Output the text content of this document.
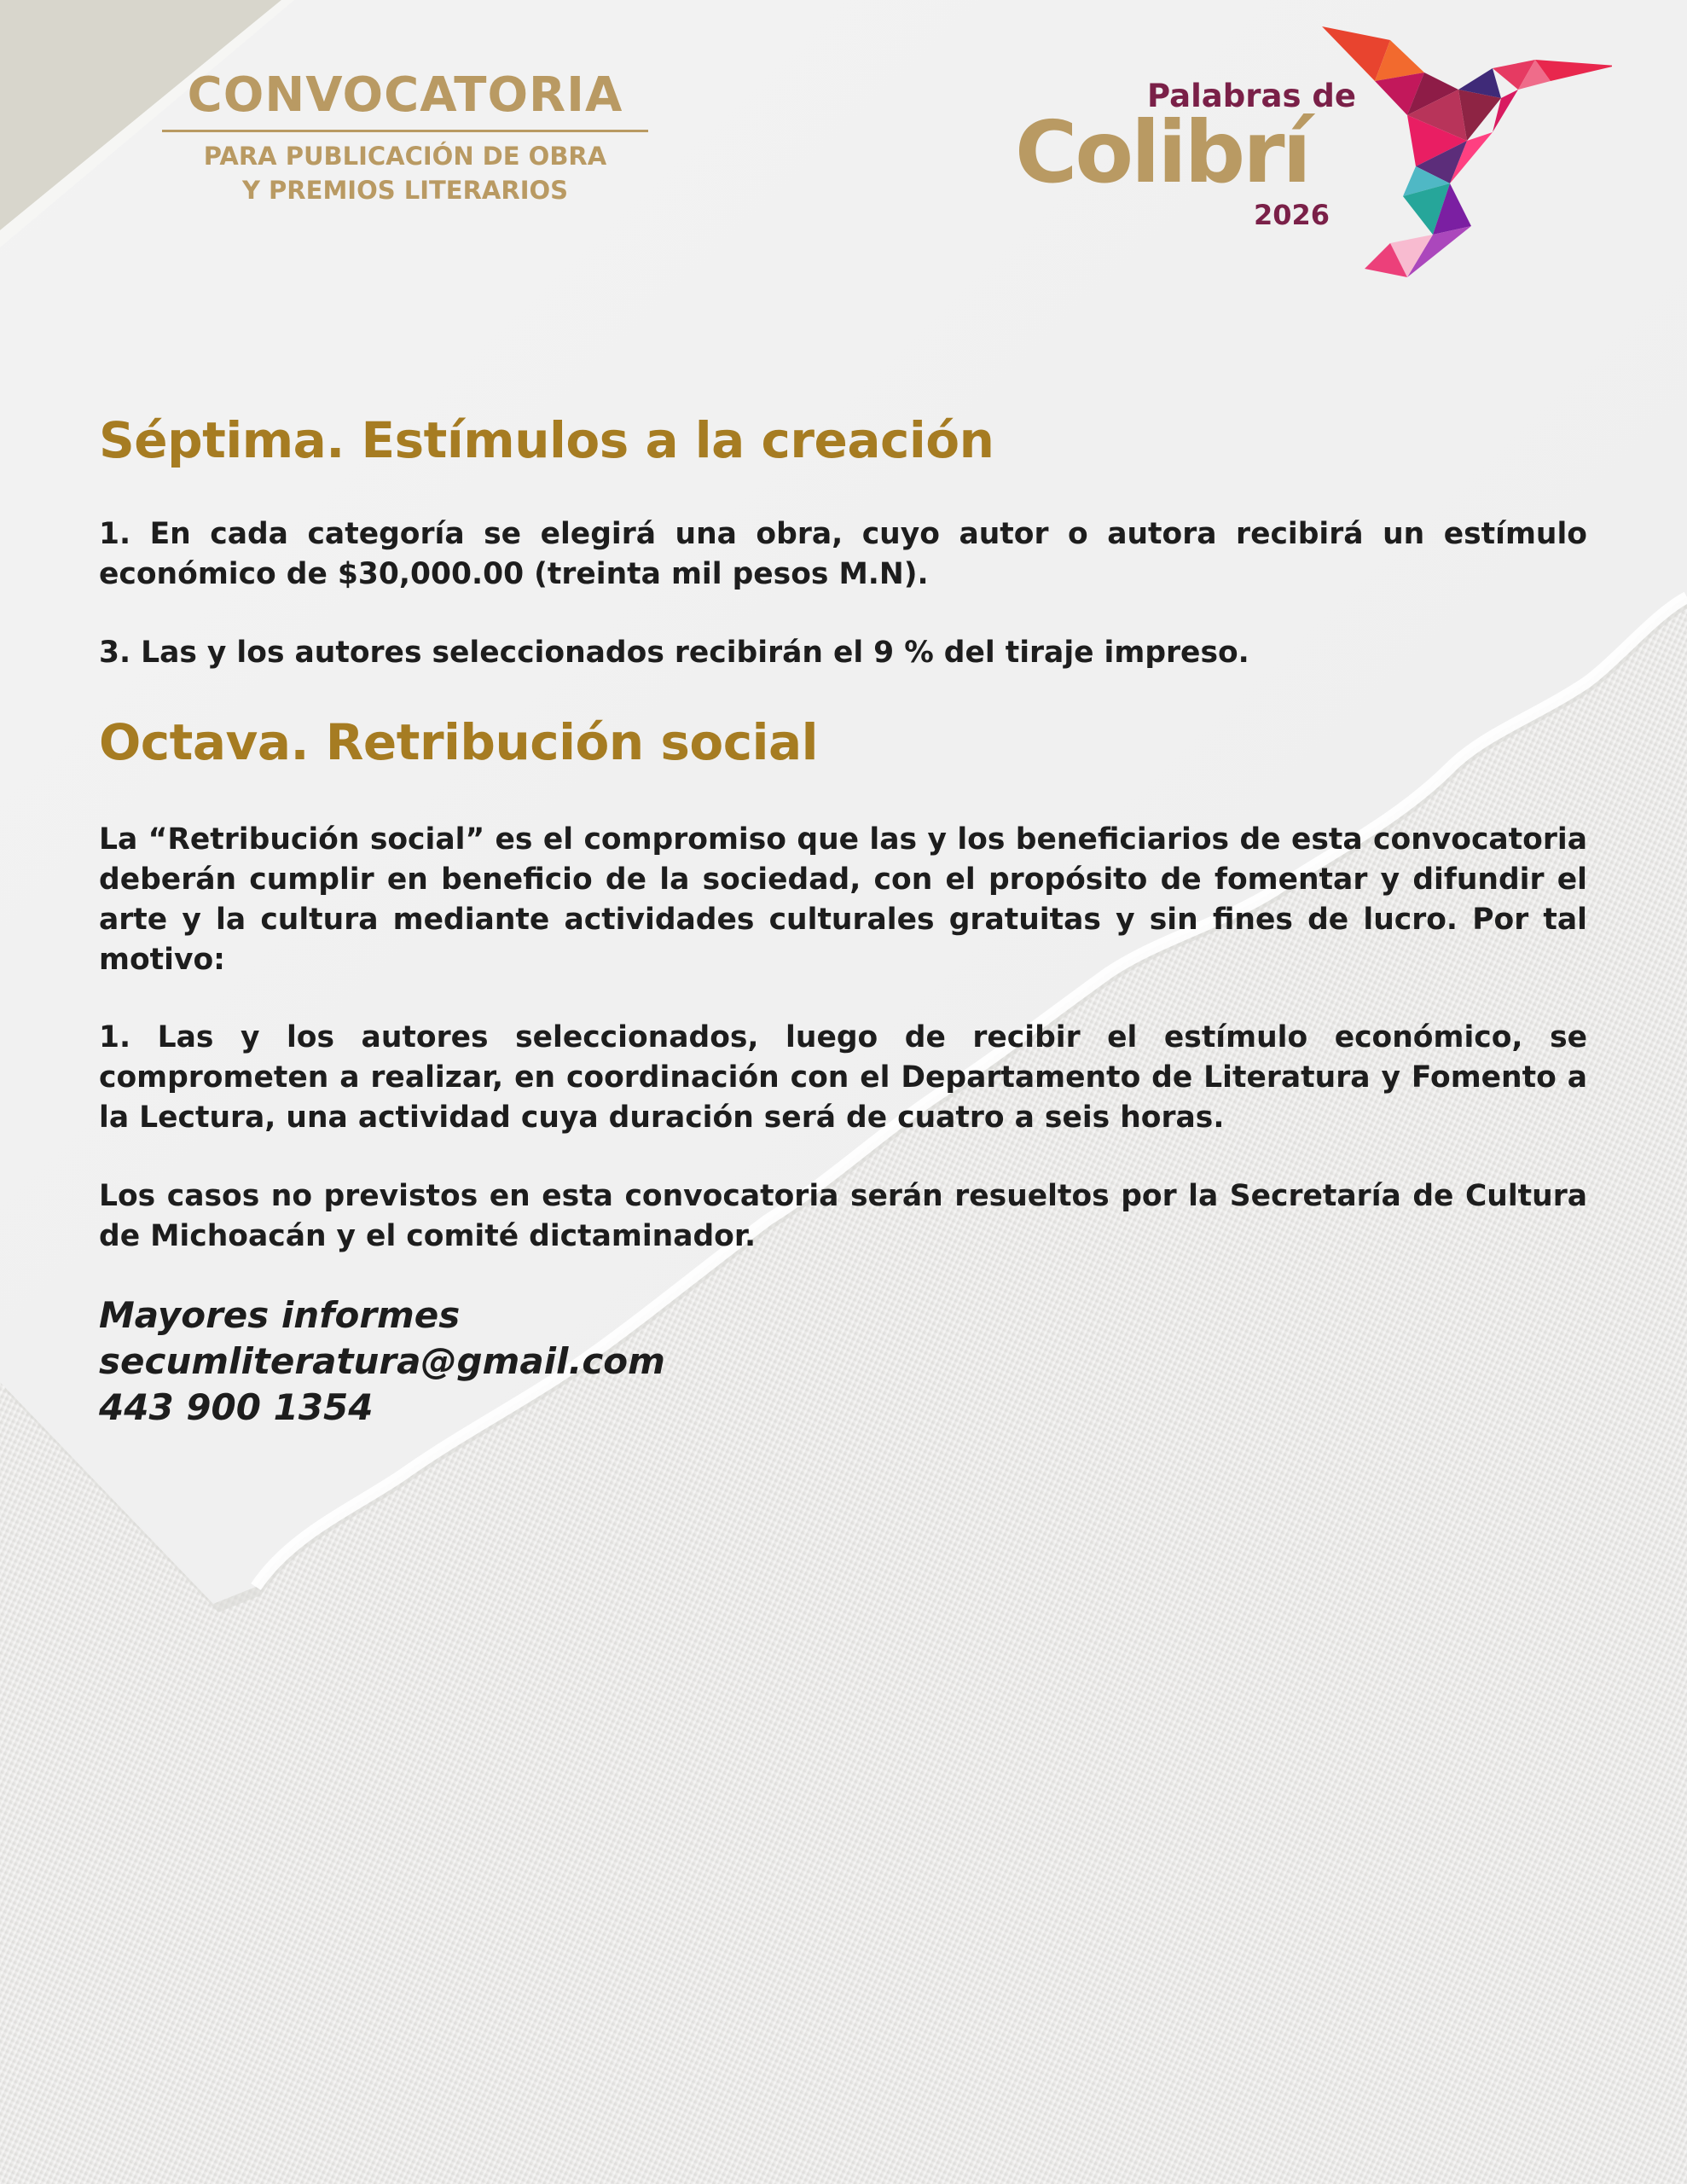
CONVOCATORIA
PARA PUBLICACIÓN DE OBRA
Y PREMIOS LITERARIOS
Palabras de
Colibrí
2026
Séptima. Estímulos a la creación

1. En cada categoría se elegirá una obra, cuyo autor o autora recibirá un estímulo económico de $30,000.00 (treinta mil pesos M.N).

3. Las y los autores seleccionados recibirán el 9 % del tiraje impreso.

Octava. Retribución social

La “Retribución social” es el compromiso que las y los beneficiarios de esta convocatoria deberán cumplir en beneficio de la sociedad, con el propósito de fomentar y difundir el arte y la cultura mediante actividades culturales gratuitas y sin fines de lucro. Por tal motivo:

1. Las y los autores seleccionados, luego de recibir el estímulo económico, se comprometen a realizar, en coordinación con el Departamento de Literatura y Fomento a la Lectura, una actividad cuya duración será de cuatro a seis horas.

Los casos no previstos en esta convocatoria serán resueltos por la Secretaría de Cultura de Michoacán y el comité dictaminador.

Mayores informes
secumliteratura@gmail.com
443 900 1354
